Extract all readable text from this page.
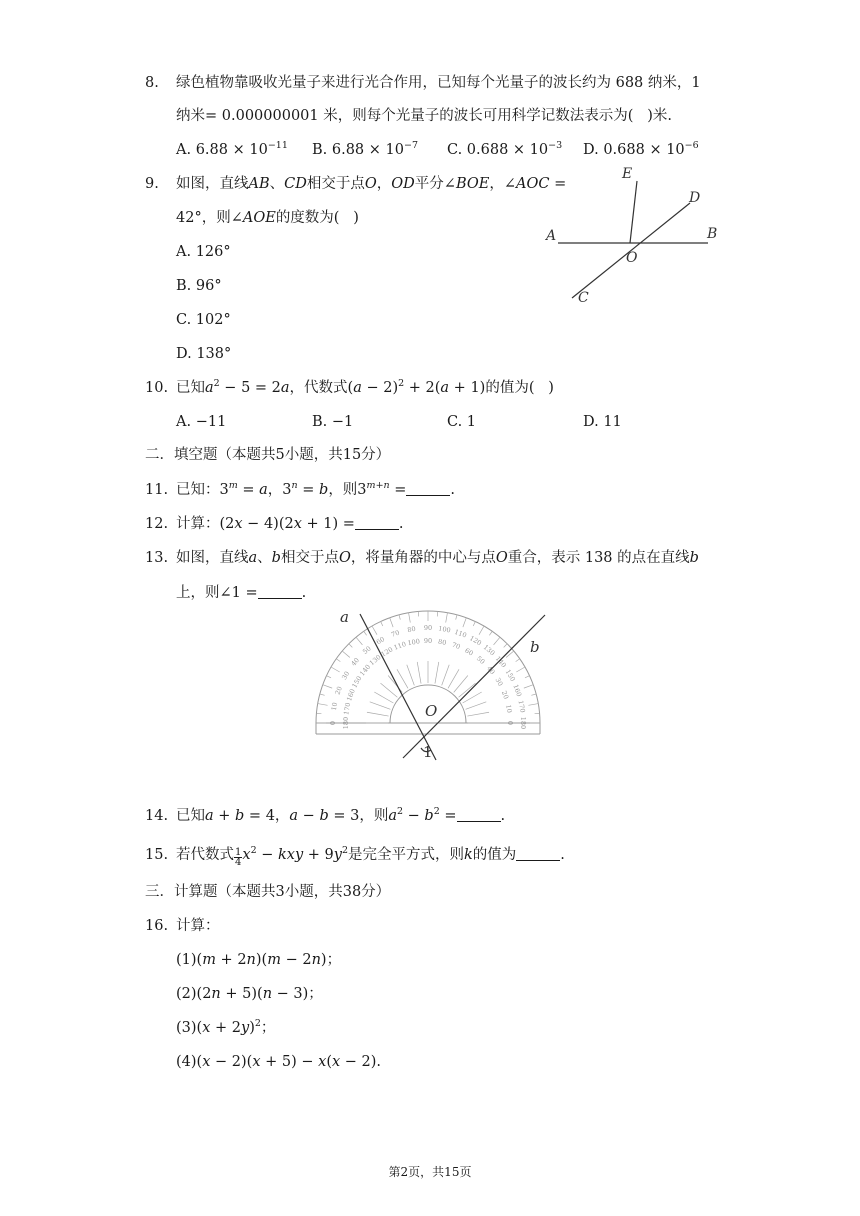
8. 绿色植物靠吸收光量子来进行光合作用，已知每个光量子的波长约为 688 纳米，1
纳米= 0.000000001 米，则每个光量子的波长可用科学记数法表示为(   )米.
A. $6.88 \times 10^{-11}$ B. $6.88 \times 10^{-7}$ C. $0.688 \times 10^{-3}$ D. $0.688 \times 10^{-6}$
9. 如图，直线AB、CD相交于点O，OD平分∠BOE，∠AOC =
42°，则∠AOE的度数为(   )
A. 126°
B. 96°
C. 102°
D. 138°
E
D
A	B
O
C
10. 已知$a^2 - 5 = 2a$，代数式$(a - 2)^2 + 2(a + 1)$的值为(   )
A. −11	B. −1	C. 1	D. 11
二．填空题（本题共5小题，共15分）
11. 已知：$3^m = a$，$3^n = b$，则$3^{m+n}$ =	.
12. 计算：(2x − 4)(2x + 1) =	.
13. 如图，直线a、b相交于点O，将量角器的中心与点O重合，表示 138 的点在直线b
上，则∠1 =	.
0 180
10 170
20 160
30 150
40
140
50
130
60
120
70
110
80
100
90
90
100
80
110
70 120
60 130
50 140
40 150
30
160
20
170
10
180
0
a
b
O
1
14. 已知a + b = 4，a − b = 3，则$a^2 - b^2$ =	.
15. 若代数式 $\frac{1}{4} x^2$ − kxy + $9y^2$是完全平方式，则k的值为	.
三．计算题（本题共3小题，共38分）
16. 计算：
(1)(m + 2n)(m − 2n)；
(2)(2n + 5)(n − 3)；
$(3)(x + 2y)^2$；
(4)(x − 2)(x + 5) − x(x − 2).
第2页，共15页
